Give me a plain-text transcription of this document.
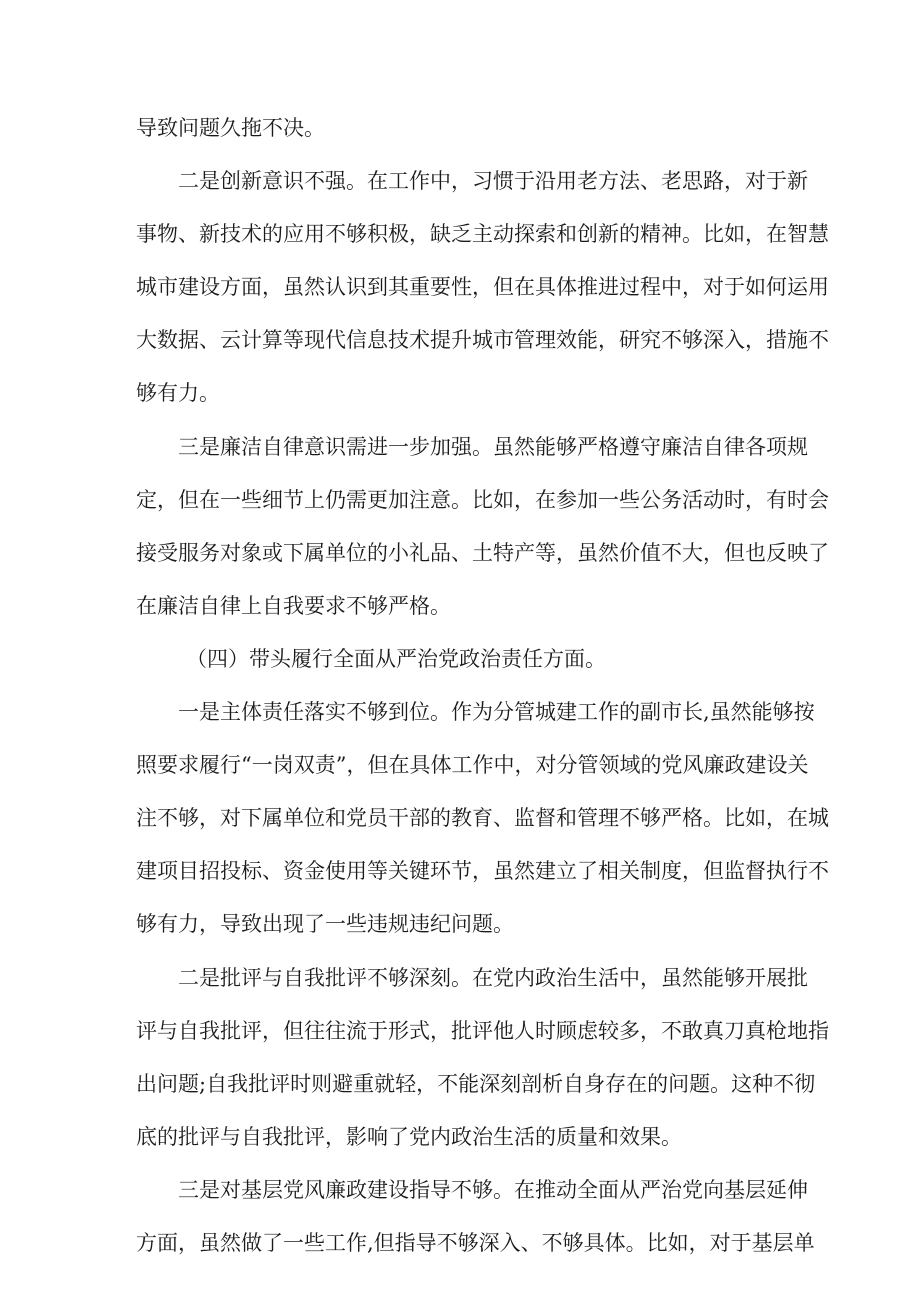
导致问题久拖不决。
二是创新意识不强。在工作中，习惯于沿用老方法、老思路，对于新
事物、新技术的应用不够积极，缺乏主动探索和创新的精神。比如，在智慧
城市建设方面，虽然认识到其重要性，但在具体推进过程中，对于如何运用
大数据、云计算等现代信息技术提升城市管理效能，研究不够深入，措施不
够有力。
三是廉洁自律意识需进一步加强。虽然能够严格遵守廉洁自律各项规
定，但在一些细节上仍需更加注意。比如，在参加一些公务活动时，有时会
接受服务对象或下属单位的小礼品、土特产等，虽然价值不大，但也反映了
在廉洁自律上自我要求不够严格。
（四）带头履行全面从严治党政治责任方面。
一是主体责任落实不够到位。作为分管城建工作的副市长,虽然能够按
照要求履行“一岗双责”，但在具体工作中，对分管领域的党风廉政建设关
注不够，对下属单位和党员干部的教育、监督和管理不够严格。比如，在城
建项目招投标、资金使用等关键环节，虽然建立了相关制度，但监督执行不
够有力，导致出现了一些违规违纪问题。
二是批评与自我批评不够深刻。在党内政治生活中，虽然能够开展批
评与自我批评，但往往流于形式，批评他人时顾虑较多，不敢真刀真枪地指
出问题;自我批评时则避重就轻，不能深刻剖析自身存在的问题。这种不彻
底的批评与自我批评，影响了党内政治生活的质量和效果。
三是对基层党风廉政建设指导不够。在推动全面从严治党向基层延伸
方面，虽然做了一些工作,但指导不够深入、不够具体。比如，对于基层单
